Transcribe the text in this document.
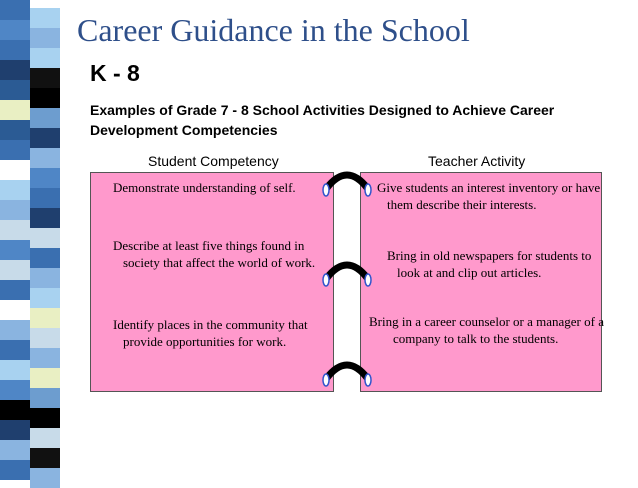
Career Guidance in the School
K - 8
Examples of Grade 7 - 8 School Activities Designed to Achieve Career Development Competencies
Student Competency	Teacher Activity
Demonstrate understanding of self.
Describe at least five things found in society that affect the world of work.
Identify places in the community that provide opportunities for work.
Give students an interest inventory or have them describe their interests.
Bring in old newspapers for students to look at and clip out articles.
Bring in a career counselor or a manager of a company to talk to the students.
